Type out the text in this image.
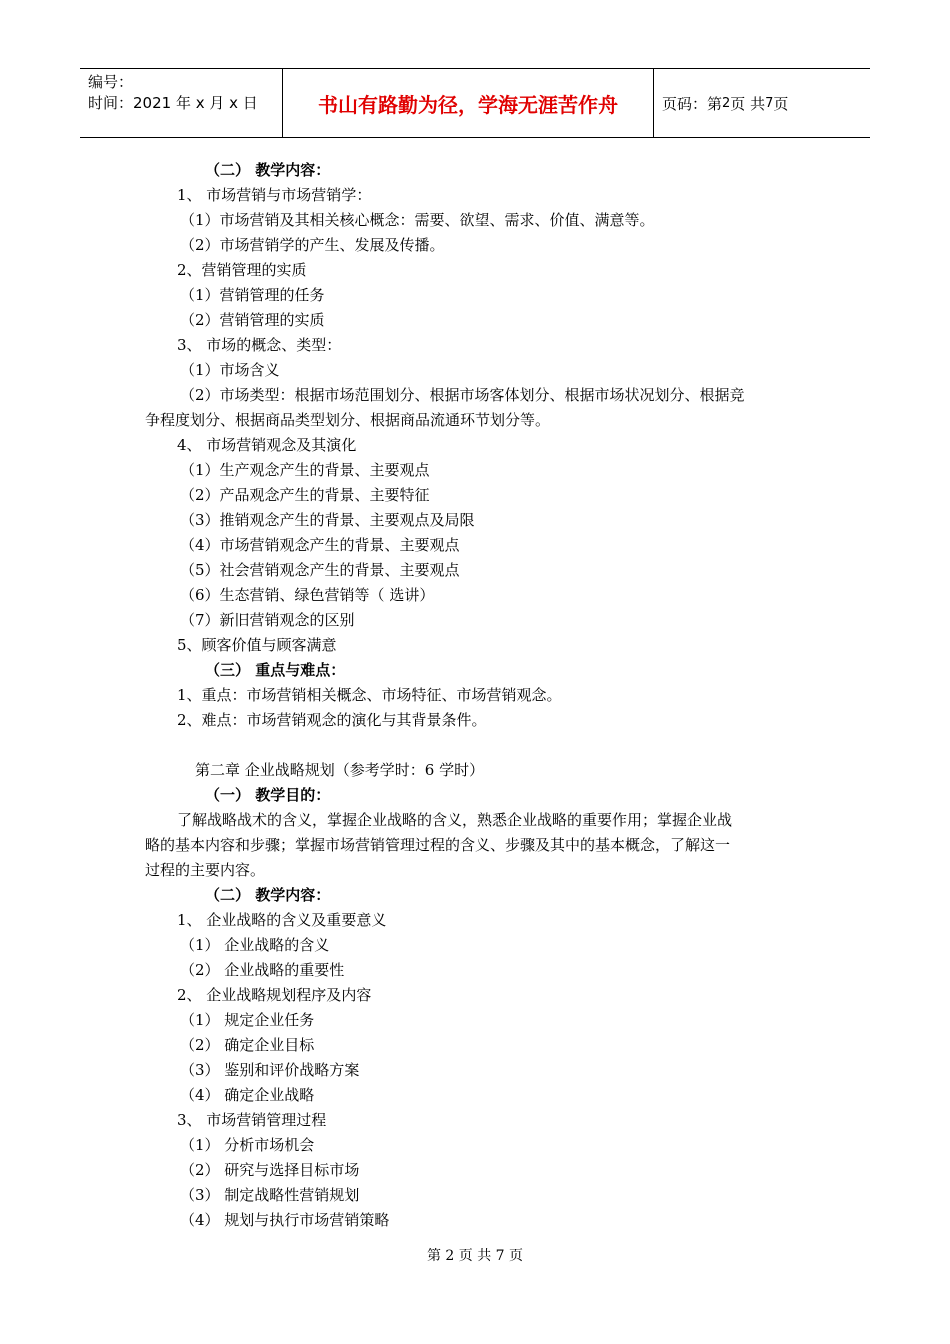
编号：
时间：2021 年 x 月 x 日	书山有路勤为径，学海无涯苦作舟	页码：第 2 页 共 7 页
（二） 教学内容：
1、 市场营销与市场营销学：
（1）市场营销及其相关核心概念：需要、欲望、需求、价值、满意等。
（2）市场营销学的产生、发展及传播。
2、营销管理的实质
（1）营销管理的任务
（2）营销管理的实质
3、 市场的概念、类型：
（1）市场含义
（2）市场类型：根据市场范围划分、根据市场客体划分、根据市场状况划分、根据竞
争程度划分、根据商品类型划分、根据商品流通环节划分等。
4、 市场营销观念及其演化
（1）生产观念产生的背景、主要观点
（2）产品观念产生的背景、主要特征
（3）推销观念产生的背景、主要观点及局限
（4）市场营销观念产生的背景、主要观点
（5）社会营销观念产生的背景、主要观点
（6）生态营销、绿色营销等（ 选讲）
（7）新旧营销观念的区别
5、顾客价值与顾客满意
（三） 重点与难点：
1、重点：市场营销相关概念、市场特征、市场营销观念。
2、难点：市场营销观念的演化与其背景条件。
第二章 企业战略规划（参考学时：6 学时）
（一） 教学目的：
了解战略战术的含义，掌握企业战略的含义，熟悉企业战略的重要作用；掌握企业战
略的基本内容和步骤；掌握市场营销管理过程的含义、步骤及其中的基本概念，了解这一
过程的主要内容。
（二） 教学内容：
1、 企业战略的含义及重要意义
（1） 企业战略的含义
（2） 企业战略的重要性
2、 企业战略规划程序及内容
（1） 规定企业任务
（2） 确定企业目标
（3） 鉴别和评价战略方案
（4） 确定企业战略
3、 市场营销管理过程
（1） 分析市场机会
（2） 研究与选择目标市场
（3） 制定战略性营销规划
（4） 规划与执行市场营销策略
第 2 页 共 7 页
